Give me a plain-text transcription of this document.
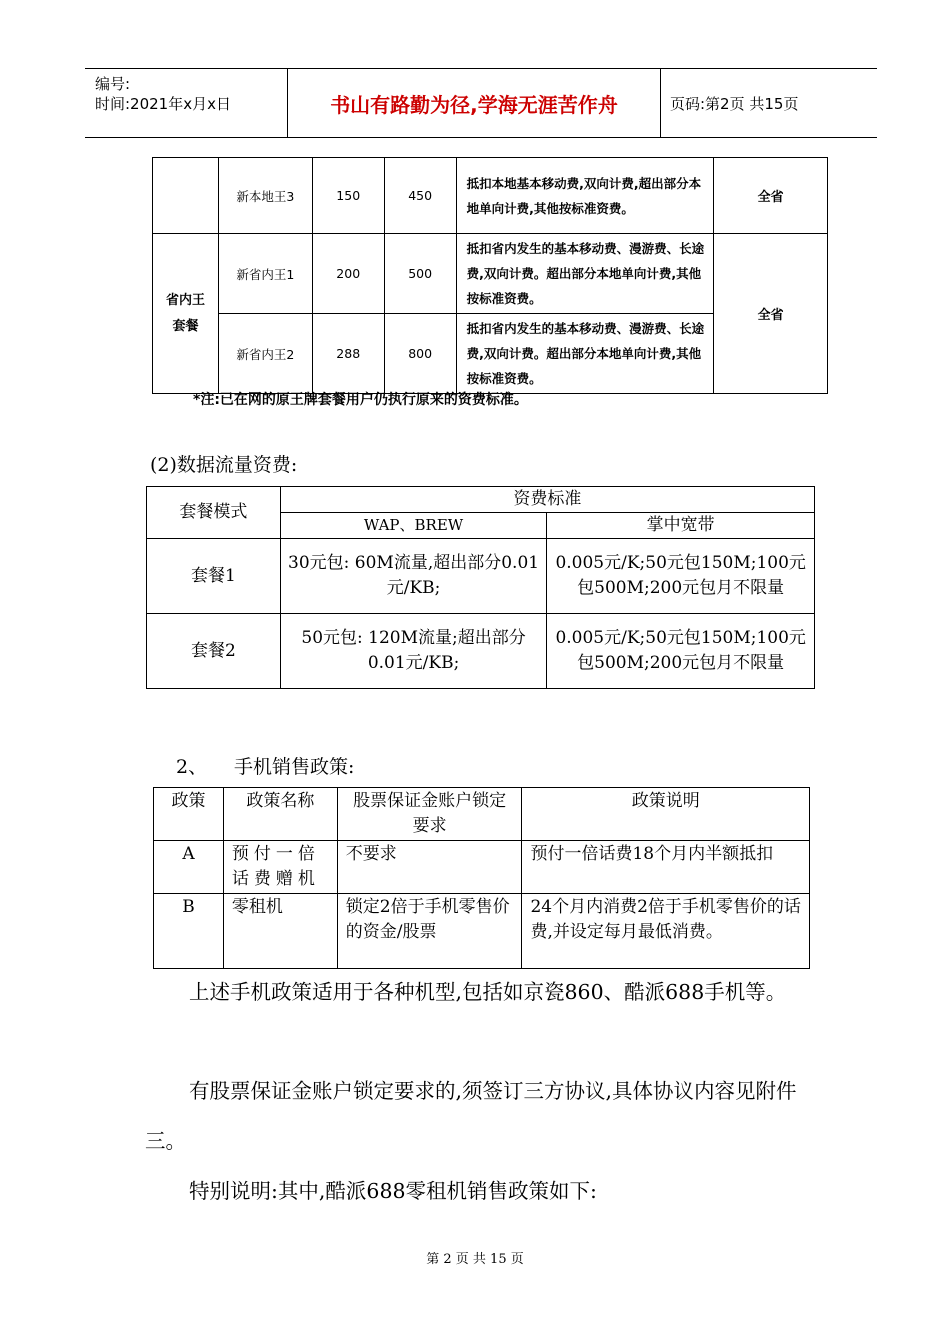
编号:
时间:2021年x月x日	书山有路勤为径,学海无涯苦作舟	页码:第2页 共15页
	新本地王3	150	450	抵扣本地基本移动费,双向计费,超出部分本地单向计费,其他按标准资费。	全省

省内王套餐	新省内王1	200	500	抵扣省内发生的基本移动费、漫游费、长途费,双向计费。超出部分本地单向计费,其他按标准资费。	全省
	新省内王2	288	800	抵扣省内发生的基本移动费、漫游费、长途费,双向计费。超出部分本地单向计费,其他按标准资费。	
*注:已在网的原王牌套餐用户仍执行原来的资费标准。
(2)数据流量资费:
套餐模式	资费标准	
	WAP、BREW	掌中宽带
套餐1	30元包: 60M流量,超出部分0.01元/KB;	0.005元/K;50元包150M;100元包500M;200元包月不限量
套餐2	50元包: 120M流量;超出部分0.01元/KB;	0.005元/K;50元包150M;100元包500M;200元包月不限量
2、 手机销售政策:
政策	政策名称	股票保证金账户锁定要求	政策说明
A	预付一倍话费赠机	不要求	预付一倍话费18个月内半额抵扣
B	零租机	锁定2倍于手机零售价的资金/股票	24个月内消费2倍于手机零售价的话费,并设定每月最低消费。
上述手机政策适用于各种机型,包括如京瓷860、酷派688手机等。
有股票保证金账户锁定要求的,须签订三方协议,具体协议内容见附件三。
特别说明:其中,酷派688零租机销售政策如下:
第 2 页 共 15 页
